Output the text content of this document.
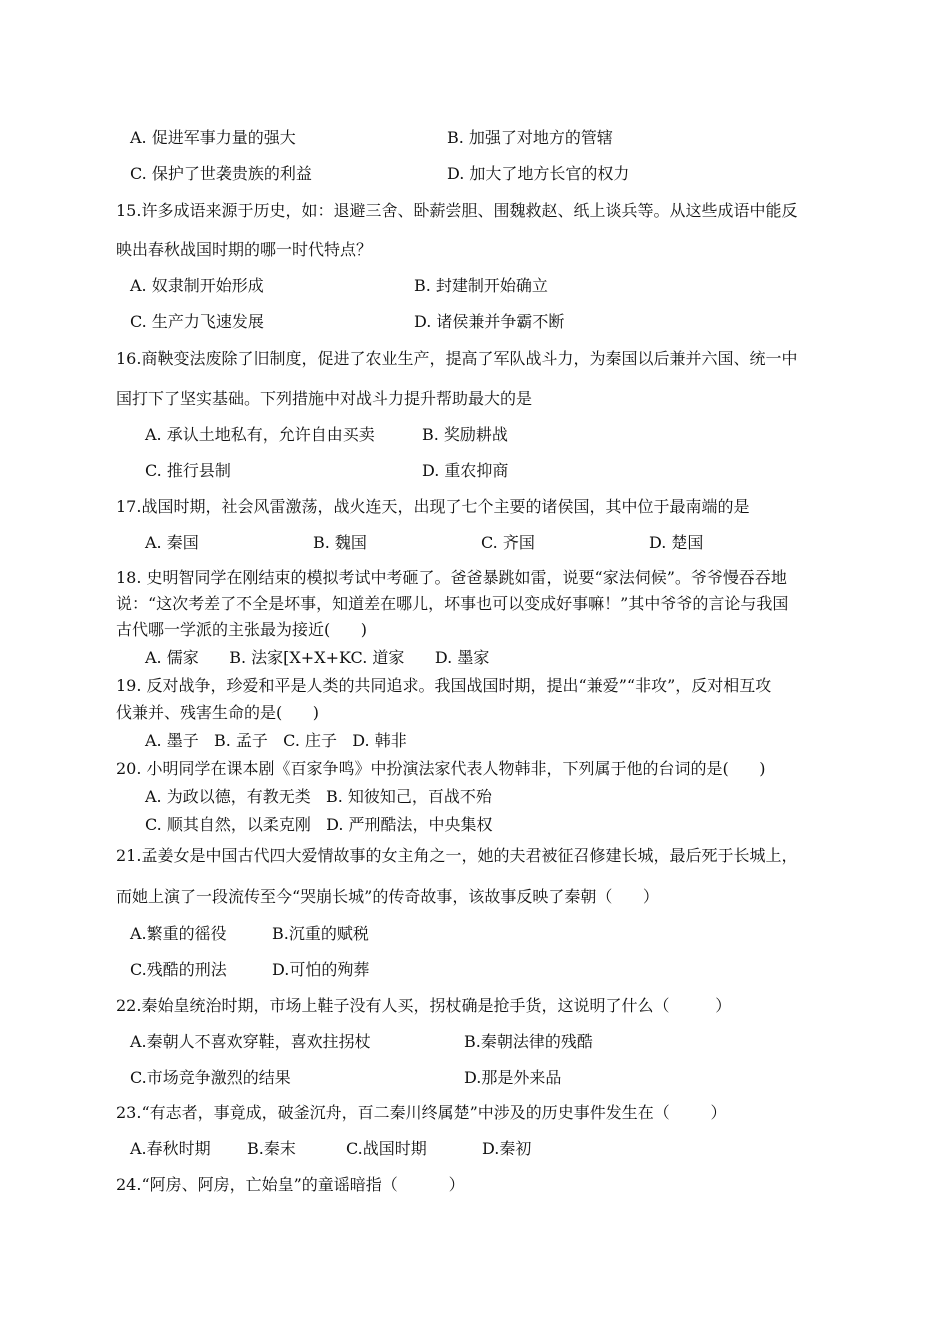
A. 促进军事力量的强大	B. 加强了对地方的管辖
C. 保护了世袭贵族的利益	D. 加大了地方长官的权力
15.许多成语来源于历史，如：退避三舍、卧薪尝胆、围魏救赵、纸上谈兵等。从这些成语中能反
映出春秋战国时期的哪一时代特点？
A. 奴隶制开始形成	B. 封建制开始确立
C. 生产力飞速发展	D. 诸侯兼并争霸不断
16.商鞅变法废除了旧制度，促进了农业生产，提高了军队战斗力，为秦国以后兼并六国、统一中
国打下了坚实基础。下列措施中对战斗力提升帮助最大的是
A. 承认土地私有，允许自由买卖	B. 奖励耕战
C. 推行县制	D. 重农抑商
17.战国时期，社会风雷激荡，战火连天，出现了七个主要的诸侯国，其中位于最南端的是
A. 秦国	B. 魏国	C. 齐国	D. 楚国
18. 史明智同学在刚结束的模拟考试中考砸了。爸爸暴跳如雷，说要“家法伺候”。爷爷慢吞吞地
说：“这次考差了不全是坏事，知道差在哪儿，坏事也可以变成好事嘛！”其中爷爷的言论与我国
古代哪一学派的主张最为接近(      )
A. 儒家      B. 法家[X+X+KC. 道家      D. 墨家
19. 反对战争，珍爱和平是人类的共同追求。我国战国时期，提出“兼爱”“非攻”，反对相互攻
伐兼并、残害生命的是(      )
A. 墨子   B. 孟子   C. 庄子   D. 韩非
20. 小明同学在课本剧《百家争鸣》中扮演法家代表人物韩非，下列属于他的台词的是(      )
A. 为政以德，有教无类   B. 知彼知己，百战不殆
C. 顺其自然，以柔克刚   D. 严刑酷法，中央集权
21.孟姜女是中国古代四大爱情故事的女主角之一，她的夫君被征召修建长城，最后死于长城上，
而她上演了一段流传至今“哭崩长城”的传奇故事，该故事反映了秦朝（      ）
A.繁重的徭役	B.沉重的赋税
C.残酷的刑法	D.可怕的殉葬
22.秦始皇统治时期，市场上鞋子没有人买，拐杖确是抢手货，这说明了什么（         ）
A.秦朝人不喜欢穿鞋，喜欢拄拐杖	B.秦朝法律的残酷
C.市场竞争激烈的结果	D.那是外来品
23.“有志者，事竟成，破釜沉舟，百二秦川终属楚”中涉及的历史事件发生在（        ）
A.春秋时期 B.秦末	C.战国时期	D.秦初
24.“阿房、阿房，亡始皇”的童谣暗指（          ）
